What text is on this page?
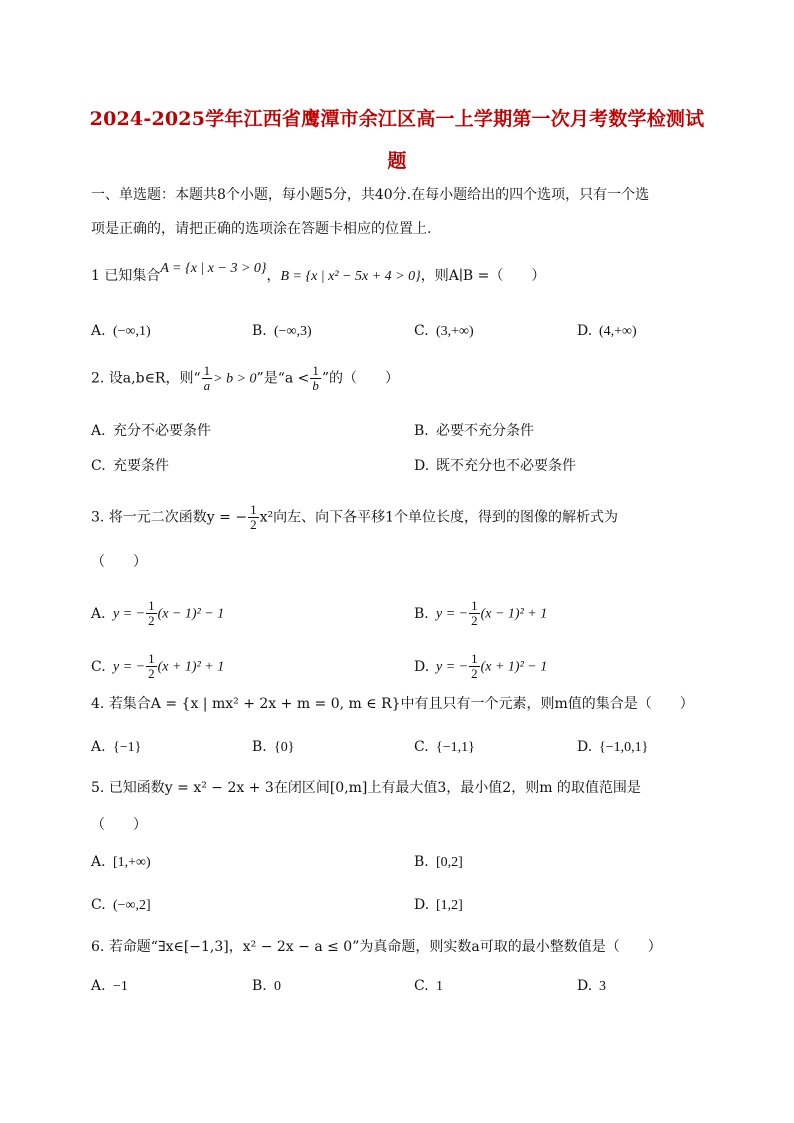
2024-2025学年江西省鹰潭市余江区高一上学期第一次月考数学检测试
题
一、单选题：本题共8个小题，每小题5分，共40分.在每小题给出的四个选项，只有一个选
项是正确的，请把正确的选项涂在答题卡相应的位置上.
1 已知集合A = {x | x − 3 > 0}，B = {x | x² − 5x + 4 > 0}，则A∣B =（　　）
A. (−∞,1)	B. (−∞,3)	C. (3,+∞)	D. (4,+∞)
2. 设a,b∈R，则“ $\frac{1}{a} > b > 0$”是“$a < \frac{1}{b}$ ”的（　　）
A. 充分不必要条件	B. 必要不充分条件
C. 充要条件	D. 既不充分也不必要条件
3. 将一元二次函数y = − $\frac{1}{2} x^2$向左、向下各平移1个单位长度，得到的图像的解析式为
（　　）
A. y = − $\frac{1}{2} (x - 1)^2 - 1$	B. y = − $\frac{1}{2} (x - 1)^2 + 1$
C. y = − $\frac{1}{2} (x + 1)^2 + 1$	D. y = − $\frac{1}{2} (x + 1)^2 - 1$
4. 若集合A = {x | mx² + 2x + m = 0, m ∈ R}中有且只有一个元素，则m值的集合是（　　）
A. {−1}	B. {0}	C. {−1,1}	D. {−1,0,1}
5. 已知函数y = x² − 2x + 3在闭区间[0,m]上有最大值3，最小值2，则m 的取值范围是
（　　）
A. [1,+∞)	B. [0,2]
C. (−∞,2]	D. [1,2]
6. 若命题“∃x∈[−1,3]，x² − 2x − a ≤ 0”为真命题，则实数a可取的最小整数值是（　　）
A. −1	B. 0	C. 1	D. 3
